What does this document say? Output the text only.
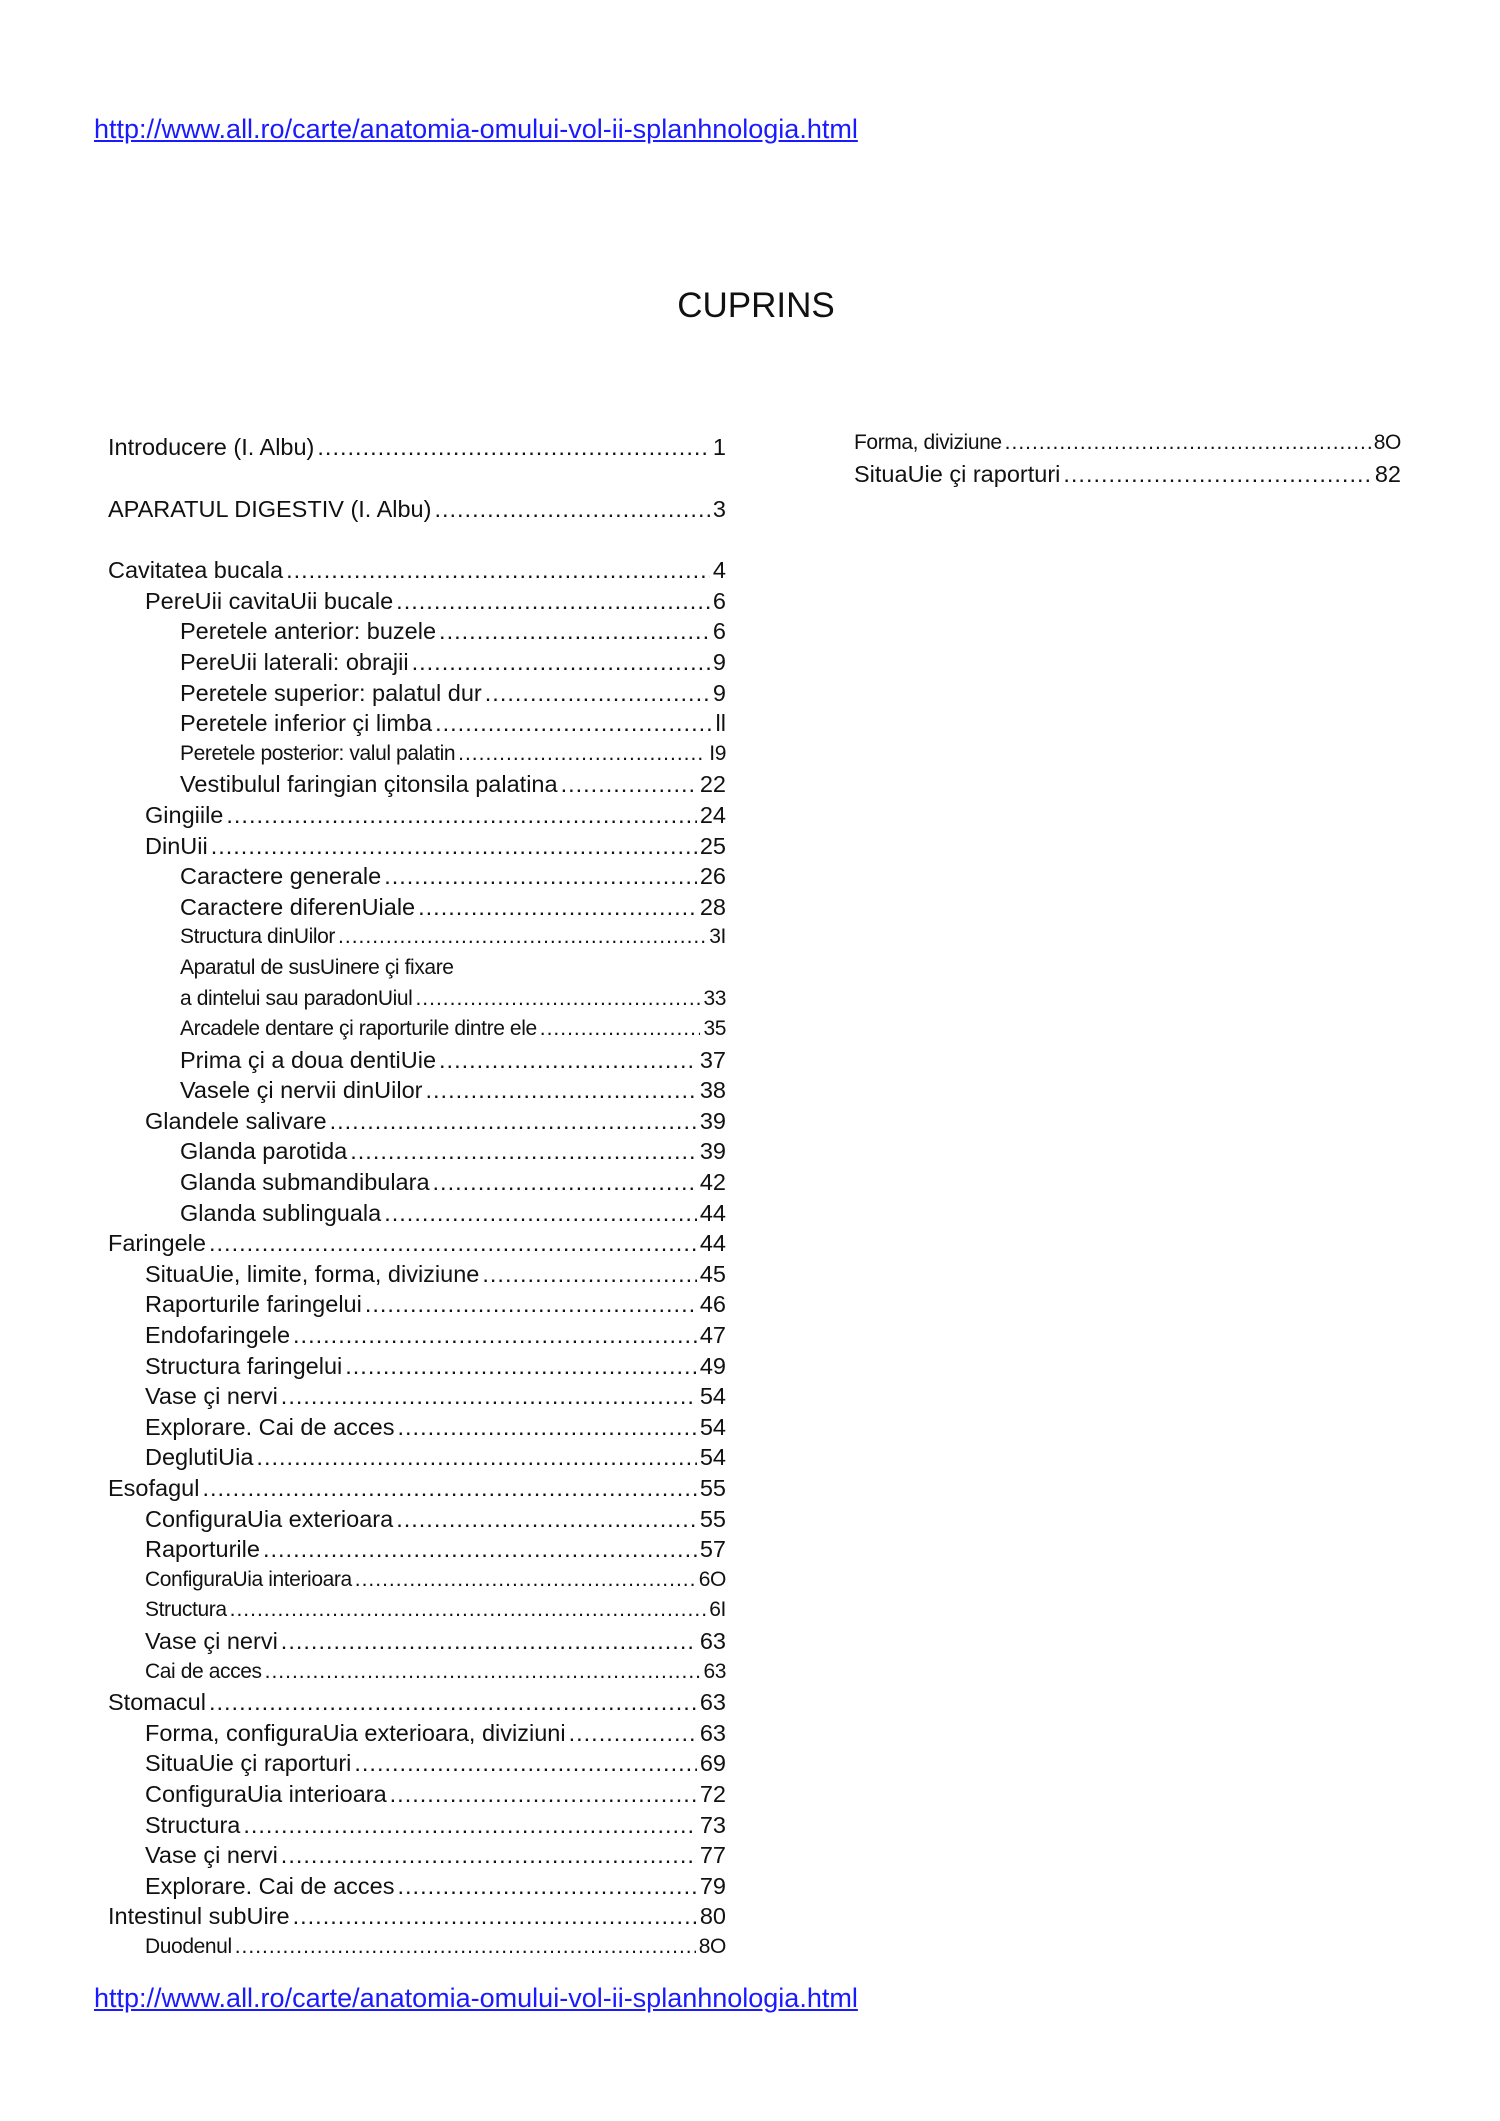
http://www.all.ro/carte/anatomia-omului-vol-ii-splanhnologia.html
CUPRINS
Introducere (I. Albu) .....	1
APARATUL DIGESTIV (I. Albu) .....	3
Cavitatea bucala .....	4
PereUii cavitaUii bucale .....	6
Peretele anterior: buzele .....	6
PereUii laterali: obrajii .....	9
Peretele superior: palatul dur .....	9
Peretele inferior çi limba .....	ll
Peretele posterior: valul palatin .....	I9
Vestibulul faringian çitonsila palatina .....	22
Gingiile .....	24
DinUii .....	25
Caractere generale .....	26
Caractere diferenUiale .....	28
Structura dinUilor .....	3I
Aparatul de susUinere çi fixare
a dintelui sau paradonUiul .....	33
Arcadele dentare çi raporturile dintre ele .....	35
Prima çi a doua dentiUie .....	37
Vasele çi nervii dinUilor .....	38
Glandele salivare .....	39
Glanda parotida .....	39
Glanda submandibulara .....	42
Glanda sublinguala .....	44
Faringele .....	44
SituaUie, limite, forma, diviziune .....	45
Raporturile faringelui .....	46
Endofaringele .....	47
Structura faringelui .....	49
Vase çi nervi .....	54
Explorare. Cai de acces .....	54
DeglutiUia .....	54
Esofagul .....	55
ConfiguraUia exterioara .....	55
Raporturile .....	57
ConfiguraUia interioara .....	6O
Structura .....	6I
Vase çi nervi .....	63
Cai de acces .....	63
Stomacul .....	63
Forma, configuraUia exterioara, diviziuni .....	63
SituaUie çi raporturi .....	69
ConfiguraUia interioara .....	72
Structura .....	73
Vase çi nervi .....	77
Explorare. Cai de acces .....	79
Intestinul subUire .....	80
Duodenul .....	8O
Forma, diviziune .....	8O
SituaUie çi raporturi .....	82
http://www.all.ro/carte/anatomia-omului-vol-ii-splanhnologia.html
